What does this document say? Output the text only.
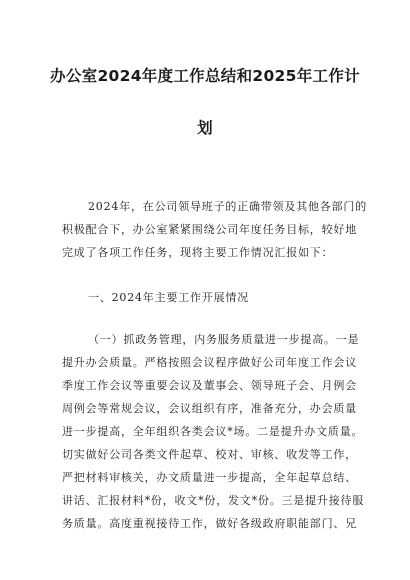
办公室2024年度工作总结和2025年工作计
划
2024年，在公司领导班子的正确带领及其他各部门的
积极配合下，办公室紧紧围绕公司年度任务目标，较好地
完成了各项工作任务，现将主要工作情况汇报如下：
一、2024年主要工作开展情况
（一）抓政务管理，内务服务质量进一步提高。一是
提升办会质量。严格按照会议程序做好公司年度工作会议
季度工作会议等重要会议及董事会、领导班子会、月例会
周例会等常规会议，会议组织有序，准备充分，办会质量
进一步提高，全年组织各类会议*场。二是提升办文质量。
切实做好公司各类文件起草、校对、审核、收发等工作，
严把材料审核关，办文质量进一步提高，全年起草总结、
讲话、汇报材料*份，收文*份，发文*份。三是提升接待服
务质量。高度重视接待工作，做好各级政府职能部门、兄
